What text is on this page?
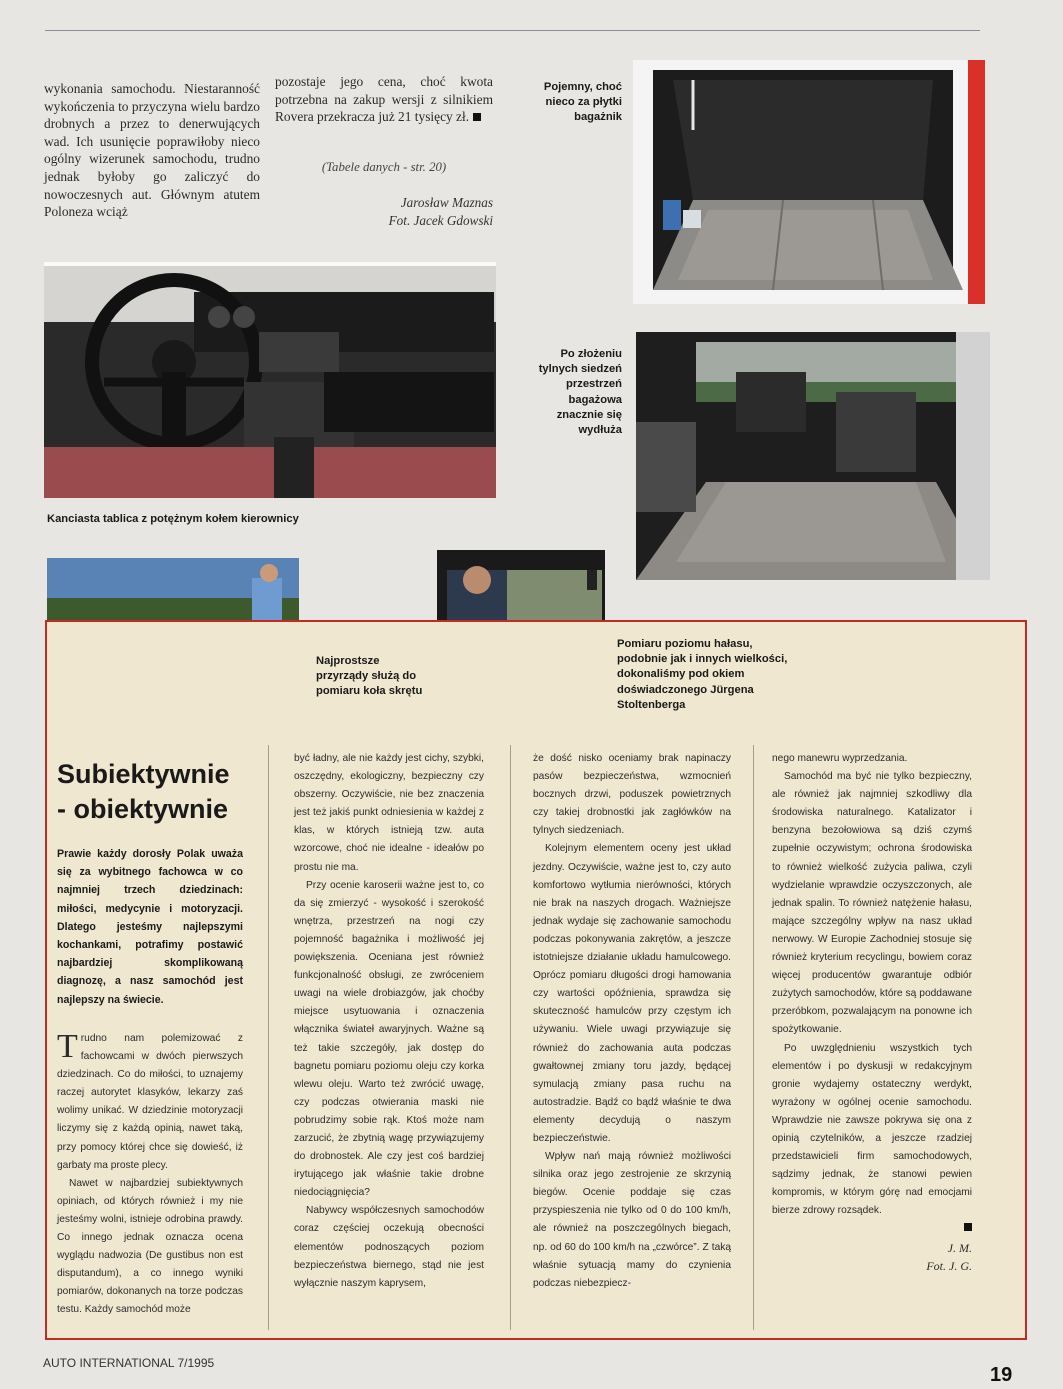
wykonania samochodu. Niestaranność wykończenia to przyczyna wielu bardzo drobnych a przez to denerwujących wad. Ich usunięcie poprawiłoby nieco ogólny wizerunek samochodu, trudno jednak byłoby go zaliczyć do nowoczesnych aut. Głównym atutem Poloneza wciąż

pozostaje jego cena, choć kwota potrzebna na zakup wersji z silnikiem Rovera przekracza już 21 tysięcy zł.

(Tabele danych - str. 20)
Jarosław Maznas
Fot. Jacek Gdowski
Pojemny, choć nieco za płytki bagażnik
Kanciasta tablica z potężnym kołem kierownicy
Po złożeniu tylnych siedzeń przestrzeń bagażowa znacznie się wydłuża
Najprostsze przyrządy służą do pomiaru koła skrętu
Pomiaru poziomu hałasu, podobnie jak i innych wielkości, dokonaliśmy pod okiem doświadczonego Jürgena Stoltenberga
Subiektywnie
- obiektywnie
Prawie każdy dorosły Polak uważa się za wybitnego fachowca w co najmniej trzech dziedzinach: miłości, medycynie i motoryzacji. Dlatego jesteśmy najlepszymi kochankami, potrafimy postawić najbardziej skomplikowaną diagnozę, a nasz samochód jest najlepszy na świecie.

Trudno nam polemizować z fachowcami w dwóch pierwszych dziedzinach. Co do miłości, to uznajemy raczej autorytet klasyków, lekarzy zaś wolimy unikać. W dziedzinie motoryzacji liczymy się z każdą opinią, nawet taką, przy pomocy której chce się dowieść, iż garbaty ma proste plecy.

Nawet w najbardziej subiektywnych opiniach, od których również i my nie jesteśmy wolni, istnieje odrobina prawdy. Co innego jednak oznacza ocena wyglądu nadwozia (De gustibus non est disputandum), a co innego wyniki pomiarów, dokonanych na torze podczas testu. Każdy samochód może

być ładny, ale nie każdy jest cichy, szybki, oszczędny, ekologiczny, bezpieczny czy obszerny. Oczywiście, nie bez znaczenia jest też jakiś punkt odniesienia w każdej z klas, w których istnieją tzw. auta wzorcowe, choć nie idealne - ideałów po prostu nie ma.

Przy ocenie karoserii ważne jest to, co da się zmierzyć - wysokość i szerokość wnętrza, przestrzeń na nogi czy pojemność bagażnika i możliwość jej powiększenia. Oceniana jest również funkcjonalność obsługi, ze zwróceniem uwagi na wiele drobiazgów, jak choćby miejsce usytuowania i oznaczenia włącznika świateł awaryjnych. Ważne są też takie szczegóły, jak dostęp do bagnetu pomiaru poziomu oleju czy korka wlewu oleju. Warto też zwrócić uwagę, czy podczas otwierania maski nie pobrudzimy sobie rąk. Ktoś może nam zarzucić, że zbytnią wagę przywiązujemy do drobnostek. Ale czy jest coś bardziej irytującego jak właśnie takie drobne niedociągnięcia?

Nabywcy współczesnych samochodów coraz częściej oczekują obecności elementów podnoszących poziom bezpieczeństwa biernego, stąd nie jest wyłącznie naszym kaprysem,

że dość nisko oceniamy brak napinaczy pasów bezpieczeństwa, wzmocnień bocznych drzwi, poduszek powietrznych czy takiej drobnostki jak zagłówków na tylnych siedzeniach.

Kolejnym elementem oceny jest układ jezdny. Oczywiście, ważne jest to, czy auto komfortowo wytłumia nierówności, których nie brak na naszych drogach. Ważniejsze jednak wydaje się zachowanie samochodu podczas pokonywania zakrętów, a jeszcze istotniejsze działanie układu hamulcowego. Oprócz pomiaru długości drogi hamowania czy wartości opóźnienia, sprawdza się skuteczność hamulców przy częstym ich używaniu. Wiele uwagi przywiązuje się również do zachowania auta podczas gwałtownej zmiany toru jazdy, będącej symulacją zmiany pasa ruchu na autostradzie. Bądź co bądź właśnie te dwa elementy decydują o naszym bezpieczeństwie.

Wpływ nań mają również możliwości silnika oraz jego zestrojenie ze skrzynią biegów. Ocenie poddaje się czas przyspieszenia nie tylko od 0 do 100 km/h, ale również na poszczególnych biegach, np. od 60 do 100 km/h na „czwórce”. Z taką właśnie sytuacją mamy do czynienia podczas niebezpiecz-

nego manewru wyprzedzania.

Samochód ma być nie tylko bezpieczny, ale również jak najmniej szkodliwy dla środowiska naturalnego. Katalizator i benzyna bezołowiowa są dziś czymś zupełnie oczywistym; ochrona środowiska to również wielkość zużycia paliwa, czyli wydzielanie wprawdzie oczyszczonych, ale jednak spalin. To również natężenie hałasu, mające szczególny wpływ na nasz układ nerwowy. W Europie Zachodniej stosuje się również kryterium recyclingu, bowiem coraz więcej producentów gwarantuje odbiór zużytych samochodów, które są poddawane przeróbkom, pozwalającym na ponowne ich spożytkowanie.

Po uwzględnieniu wszystkich tych elementów i po dyskusji w redakcyjnym gronie wydajemy ostateczny werdykt, wyrażony w ogólnej ocenie samochodu. Wprawdzie nie zawsze pokrywa się ona z opinią czytelników, a jeszcze rzadziej przedstawicieli firm samochodowych, sądzimy jednak, że stanowi pewien kompromis, w którym górę nad emocjami bierze zdrowy rozsądek.

J. M.

Fot. J. G.

AUTO INTERNATIONAL 7/1995
19
